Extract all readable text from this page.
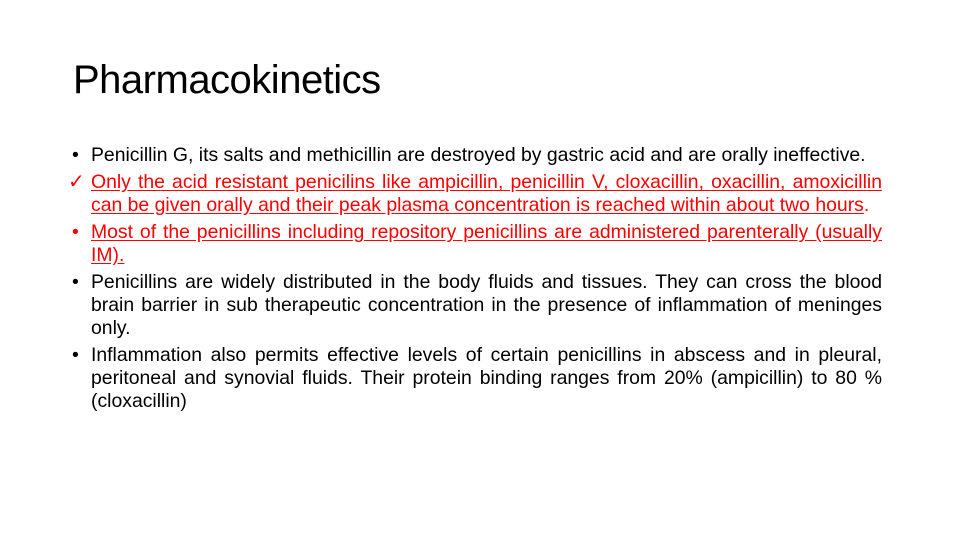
Pharmacokinetics

• Penicillin G, its salts and methicillin are destroyed by gastric acid and are orally ineffective.

✓ Only the acid resistant penicilins like ampicillin, penicillin V, cloxacillin, oxacillin, amoxicillin can be given orally and their peak plasma concentration is reached within about two hours.

• Most of the penicillins including repository penicillins are administered parenterally (usually IM).

• Penicillins are widely distributed in the body fluids and tissues. They can cross the blood brain barrier in sub therapeutic concentration in the presence of inflammation of meninges only.

• Inflammation also permits effective levels of certain penicillins in abscess and in pleural, peritoneal and synovial fluids. Their protein binding ranges from 20% (ampicillin) to 80 % (cloxacillin)
